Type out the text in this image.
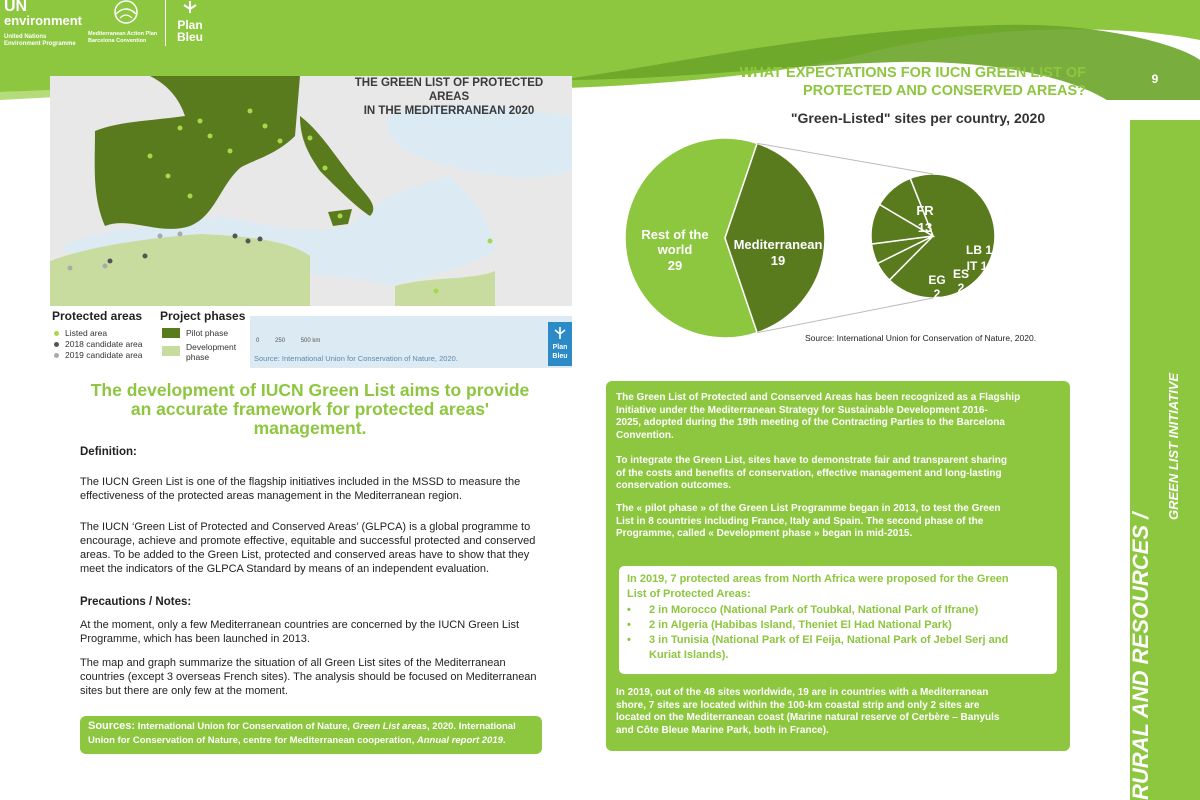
UN
environment
United Nations
Environment Programme
Mediterranean Action Plan
Barcelona Convention
Plan
Bleu
THE GREEN LIST OF PROTECTED AREAS
IN THE MEDITERRANEAN 2020
Protected areas Project phases
Listed area
2018 candidate area
2019 candidate area
Pilot phase
Development
phase
0	250	500 km
Source: International Union for Conservation of Nature, 2020.
Plan
Bleu
The development of IUCN Green List aims to provide
an accurate framework for protected areas'
management.
Definition:
The IUCN Green List is one of the flagship initiatives included in the MSSD to measure the
effectiveness of the protected areas management in the Mediterranean region.
The IUCN ‘Green List of Protected and Conserved Areas’ (GLPCA) is a global programme to
encourage, achieve and promote effective, equitable and successful protected and conserved
areas. To be added to the Green List, protected and conserved areas have to show that they
meet the indicators of the GLPCA Standard by means of an independent evaluation.
Precautions / Notes:
At the moment, only a few Mediterranean countries are concerned by the IUCN Green List
Programme, which has been launched in 2013.
The map and graph summarize the situation of all Green List sites of the Mediterranean
countries (except 3 overseas French sites). The analysis should be focused on Mediterranean
sites but there are only few at the moment.
Sources: International Union for Conservation of Nature, Green List areas, 2020. International
Union for Conservation of Nature, centre for Mediterranean cooperation, Annual report 2019.
WHAT EXPECTATIONS FOR IUCN GREEN LIST OF
PROTECTED AND CONSERVED AREAS?
"Green-Listed" sites per country, 2020
Rest of the
world
29
Mediterranean
19
FR
13
LB 1
IT 1
ES
2
EG
2
Source: International Union for Conservation of Nature, 2020.
The Green List of Protected and Conserved Areas has been recognized as a Flagship
Initiative under the Mediterranean Strategy for Sustainable Development 2016-
2025, adopted during the 19th meeting of the Contracting Parties to the Barcelona
Convention.
To integrate the Green List, sites have to demonstrate fair and transparent sharing
of the costs and benefits of conservation, effective management and long-lasting
conservation outcomes.
The « pilot phase » of the Green List Programme began in 2013, to test the Green
List in 8 countries including France, Italy and Spain. The second phase of the
Programme, called « Development phase » began in mid-2015.
In 2019, 7 protected areas from North Africa were proposed for the Green
List of Protected Areas:
• 2 in Morocco (National Park of Toubkal, National Park of Ifrane)
• 2 in Algeria (Habibas Island, Theniet El Had National Park)
• 3 in Tunisia (National Park of El Feija, National Park of Jebel Serj and
Kuriat Islands).
In 2019, out of the 48 sites worldwide, 19 are in countries with a Mediterranean
shore, 7 sites are located within the 100-km coastal strip and only 2 sites are
located on the Mediterranean coast (Marine natural reserve of Cerbère – Banyuls
and Côte Bleue Marine Park, both in France).
9
RURAL AND RESOURCES /
GREEN LIST INITIATIVE
